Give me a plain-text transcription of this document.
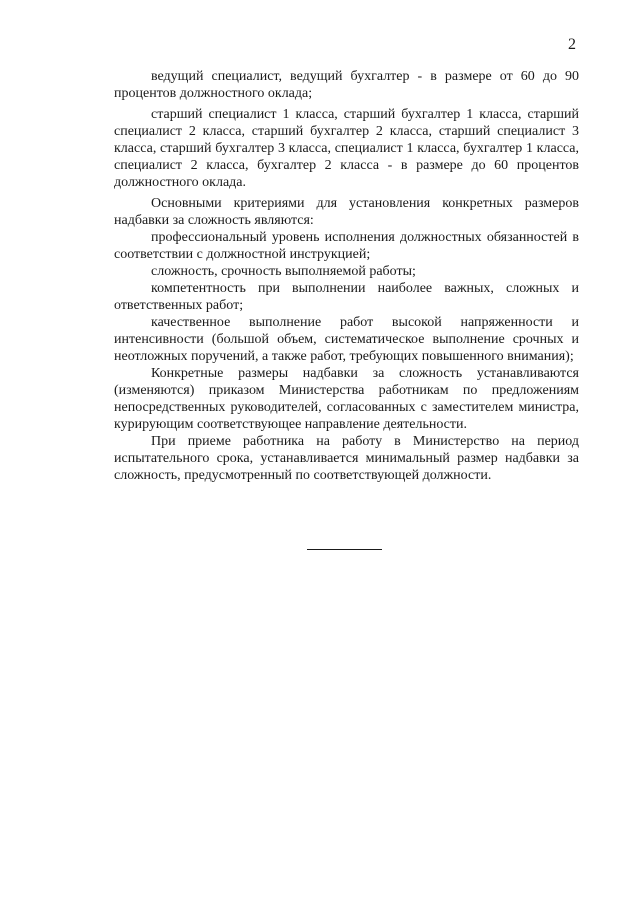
2

ведущий специалист, ведущий бухгалтер - в размере от 60 до 90 процентов должностного оклада;

старший специалист 1 класса, старший бухгалтер 1 класса, старший специалист 2 класса, старший бухгалтер 2 класса, старший специалист 3 класса, старший бухгалтер 3 класса, специалист 1 класса, бухгалтер 1 класса, специалист 2 класса, бухгалтер 2 класса - в размере до 60 процентов должностного оклада.

Основными критериями для установления конкретных размеров надбавки за сложность являются:

профессиональный уровень исполнения должностных обязанностей в соответствии с должностной инструкцией;

сложность, срочность выполняемой работы;

компетентность при выполнении наиболее важных, сложных и ответственных работ;

качественное выполнение работ высокой напряженности и интенсивности (большой объем, систематическое выполнение срочных и неотложных поручений, а также работ, требующих повышенного внимания);

Конкретные размеры надбавки за сложность устанавливаются (изменяются) приказом Министерства работникам по предложениям непосредственных руководителей, согласованных с заместителем министра, курирующим соответствующее направление деятельности.

При приеме работника на работу в Министерство на период испытательного срока, устанавливается минимальный размер надбавки за сложность, предусмотренный по соответствующей должности.
